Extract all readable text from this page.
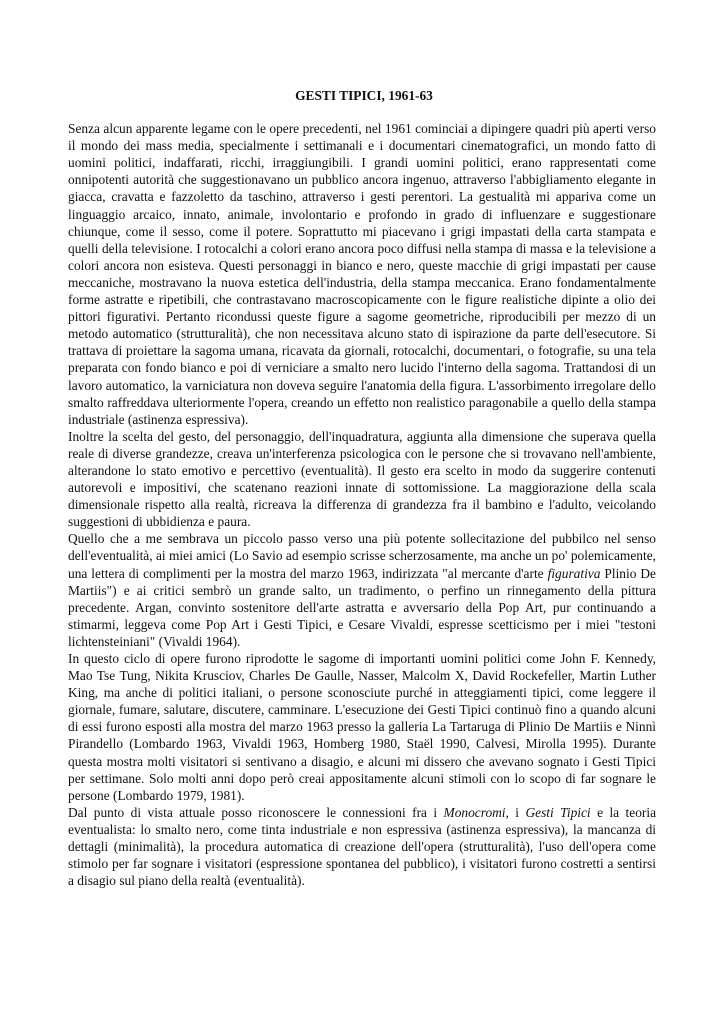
GESTI TIPICI, 1961-63

Senza alcun apparente legame con le opere precedenti, nel 1961 cominciai a dipingere quadri più aperti verso il mondo dei mass media, specialmente i settimanali e i documentari cinematografici, un mondo fatto di uomini politici, indaffarati, ricchi, irraggiungibili. I grandi uomini politici, erano rappresentati come onnipotenti autorità che suggestionavano un pubblico ancora ingenuo, attraverso l'abbigliamento elegante in giacca, cravatta e fazzoletto da taschino, attraverso i gesti perentori. La gestualità mi appariva come un linguaggio arcaico, innato, animale, involontario e profondo in grado di influenzare e suggestionare chiunque, come il sesso, come il potere. Soprattutto mi piacevano i grigi impastati della carta stampata e quelli della televisione. I rotocalchi a colori erano ancora poco diffusi nella stampa di massa e la televisione a colori ancora non esisteva. Questi personaggi in bianco e nero, queste macchie di grigi impastati per cause meccaniche, mostravano la nuova estetica dell'industria, della stampa meccanica. Erano fondamentalmente forme astratte e ripetibili, che contrastavano macroscopicamente con le figure realistiche dipinte a olio dei pittori figurativi. Pertanto ricondussi queste figure a sagome geometriche, riproducibili per mezzo di un metodo automatico (strutturalità), che non necessitava alcuno stato di ispirazione da parte dell'esecutore. Si trattava di proiettare la sagoma umana, ricavata da giornali, rotocalchi, documentari, o fotografie, su una tela preparata con fondo bianco e poi di verniciare a smalto nero lucido l'interno della sagoma. Trattandosi di un lavoro automatico, la varniciatura non doveva seguire l'anatomia della figura. L'assorbimento irregolare dello smalto raffreddava ulteriormente l'opera, creando un effetto non realistico paragonabile a quello della stampa industriale (astinenza espressiva).

Inoltre la scelta del gesto, del personaggio, dell'inquadratura, aggiunta alla dimensione che superava quella reale di diverse grandezze, creava un'interferenza psicologica con le persone che si trovavano nell'ambiente, alterandone lo stato emotivo e percettivo (eventualità). Il gesto era scelto in modo da suggerire contenuti autorevoli e impositivi, che scatenano reazioni innate di sottomissione. La maggiorazione della scala dimensionale rispetto alla realtà, ricreava la differenza di grandezza fra il bambino e l'adulto, veicolando suggestioni di ubbidienza e paura.

Quello che a me sembrava un piccolo passo verso una più potente sollecitazione del pubbilco nel senso dell'eventualità, ai miei amici (Lo Savio ad esempio scrisse scherzosamente, ma anche un po' polemicamente, una lettera di complimenti per la mostra del marzo 1963, indirizzata "al mercante d'arte figurativa Plinio De Martiis") e ai critici sembrò un grande salto, un tradimento, o perfino un rinnegamento della pittura precedente. Argan, convinto sostenitore dell'arte astratta e avversario della Pop Art, pur continuando a stimarmi, leggeva come Pop Art i Gesti Tipici, e Cesare Vivaldi, espresse scetticismo per i miei "testoni lichtensteiniani" (Vivaldi 1964).

In questo ciclo di opere furono riprodotte le sagome di importanti uomini politici come John F. Kennedy, Mao Tse Tung, Nikita Krusciov, Charles De Gaulle, Nasser, Malcolm X, David Rockefeller, Martin Luther King, ma anche di politici italiani, o persone sconosciute purché in atteggiamenti tipici, come leggere il giornale, fumare, salutare, discutere, camminare. L'esecuzione dei Gesti Tipici continuò fino a quando alcuni di essi furono esposti alla mostra del marzo 1963 presso la galleria La Tartaruga di Plinio De Martiis e Ninnì Pirandello (Lombardo 1963, Vivaldi 1963, Homberg 1980, Staël 1990, Calvesi, Mirolla 1995). Durante questa mostra molti visitatori si sentivano a disagio, e alcuni mi dissero che avevano sognato i Gesti Tipici per settimane. Solo molti anni dopo però creai appositamente alcuni stimoli con lo scopo di far sognare le persone (Lombardo 1979, 1981).

Dal punto di vista attuale posso riconoscere le connessioni fra i Monocromi, i Gesti Tipici e la teoria eventualista: lo smalto nero, come tinta industriale e non espressiva (astinenza espressiva), la mancanza di dettagli (minimalità), la procedura automatica di creazione dell'opera (strutturalità), l'uso dell'opera come stimolo per far sognare i visitatori (espressione spontanea del pubblico), i visitatori furono costretti a sentirsi a disagio sul piano della realtà (eventualità).
